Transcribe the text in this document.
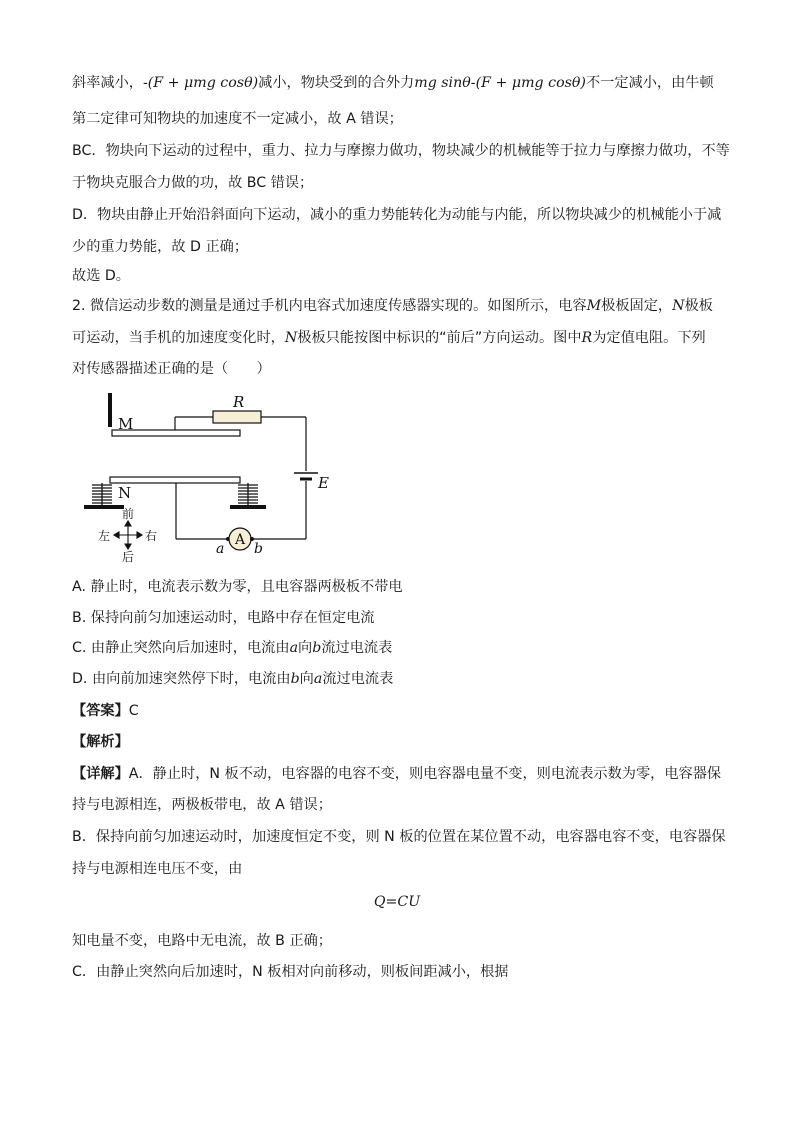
斜率减小，-(F + μmg cosθ)减小，物块受到的合外力mg sinθ-(F + μmg cosθ)不一定减小，由牛顿
第二定律可知物块的加速度不一定减小，故 A 错误；
BC．物块向下运动的过程中，重力、拉力与摩擦力做功，物块减少的机械能等于拉力与摩擦力做功，不等
于物块克服合力做的功，故 BC 错误；
D．物块由静止开始沿斜面向下运动，减小的重力势能转化为动能与内能，所以物块减少的机械能小于减
少的重力势能，故 D 正确；
故选 D。
2. 微信运动步数的测量是通过手机内电容式加速度传感器实现的。如图所示，电容M极板固定，N极板
可运动，当手机的加速度变化时，N极板只能按图中标识的“前后”方向运动。图中R为定值电阻。下列
对传感器描述正确的是（　　）
M
R
E
N
A
a b
前
后
左	右
A. 静止时，电流表示数为零，且电容器两极板不带电
B. 保持向前匀加速运动时，电路中存在恒定电流
C. 由静止突然向后加速时，电流由a向b流过电流表
D. 由向前加速突然停下时，电流由b向a流过电流表
【答案】C
【解析】
【详解】A．静止时，N 板不动，电容器的电容不变，则电容器电量不变，则电流表示数为零，电容器保
持与电源相连，两极板带电，故 A 错误；
B．保持向前匀加速运动时，加速度恒定不变，则 N 板的位置在某位置不动，电容器电容不变，电容器保
持与电源相连电压不变，由
Q=CU
知电量不变，电路中无电流，故 B 正确；
C．由静止突然向后加速时，N 板相对向前移动，则板间距减小，根据
